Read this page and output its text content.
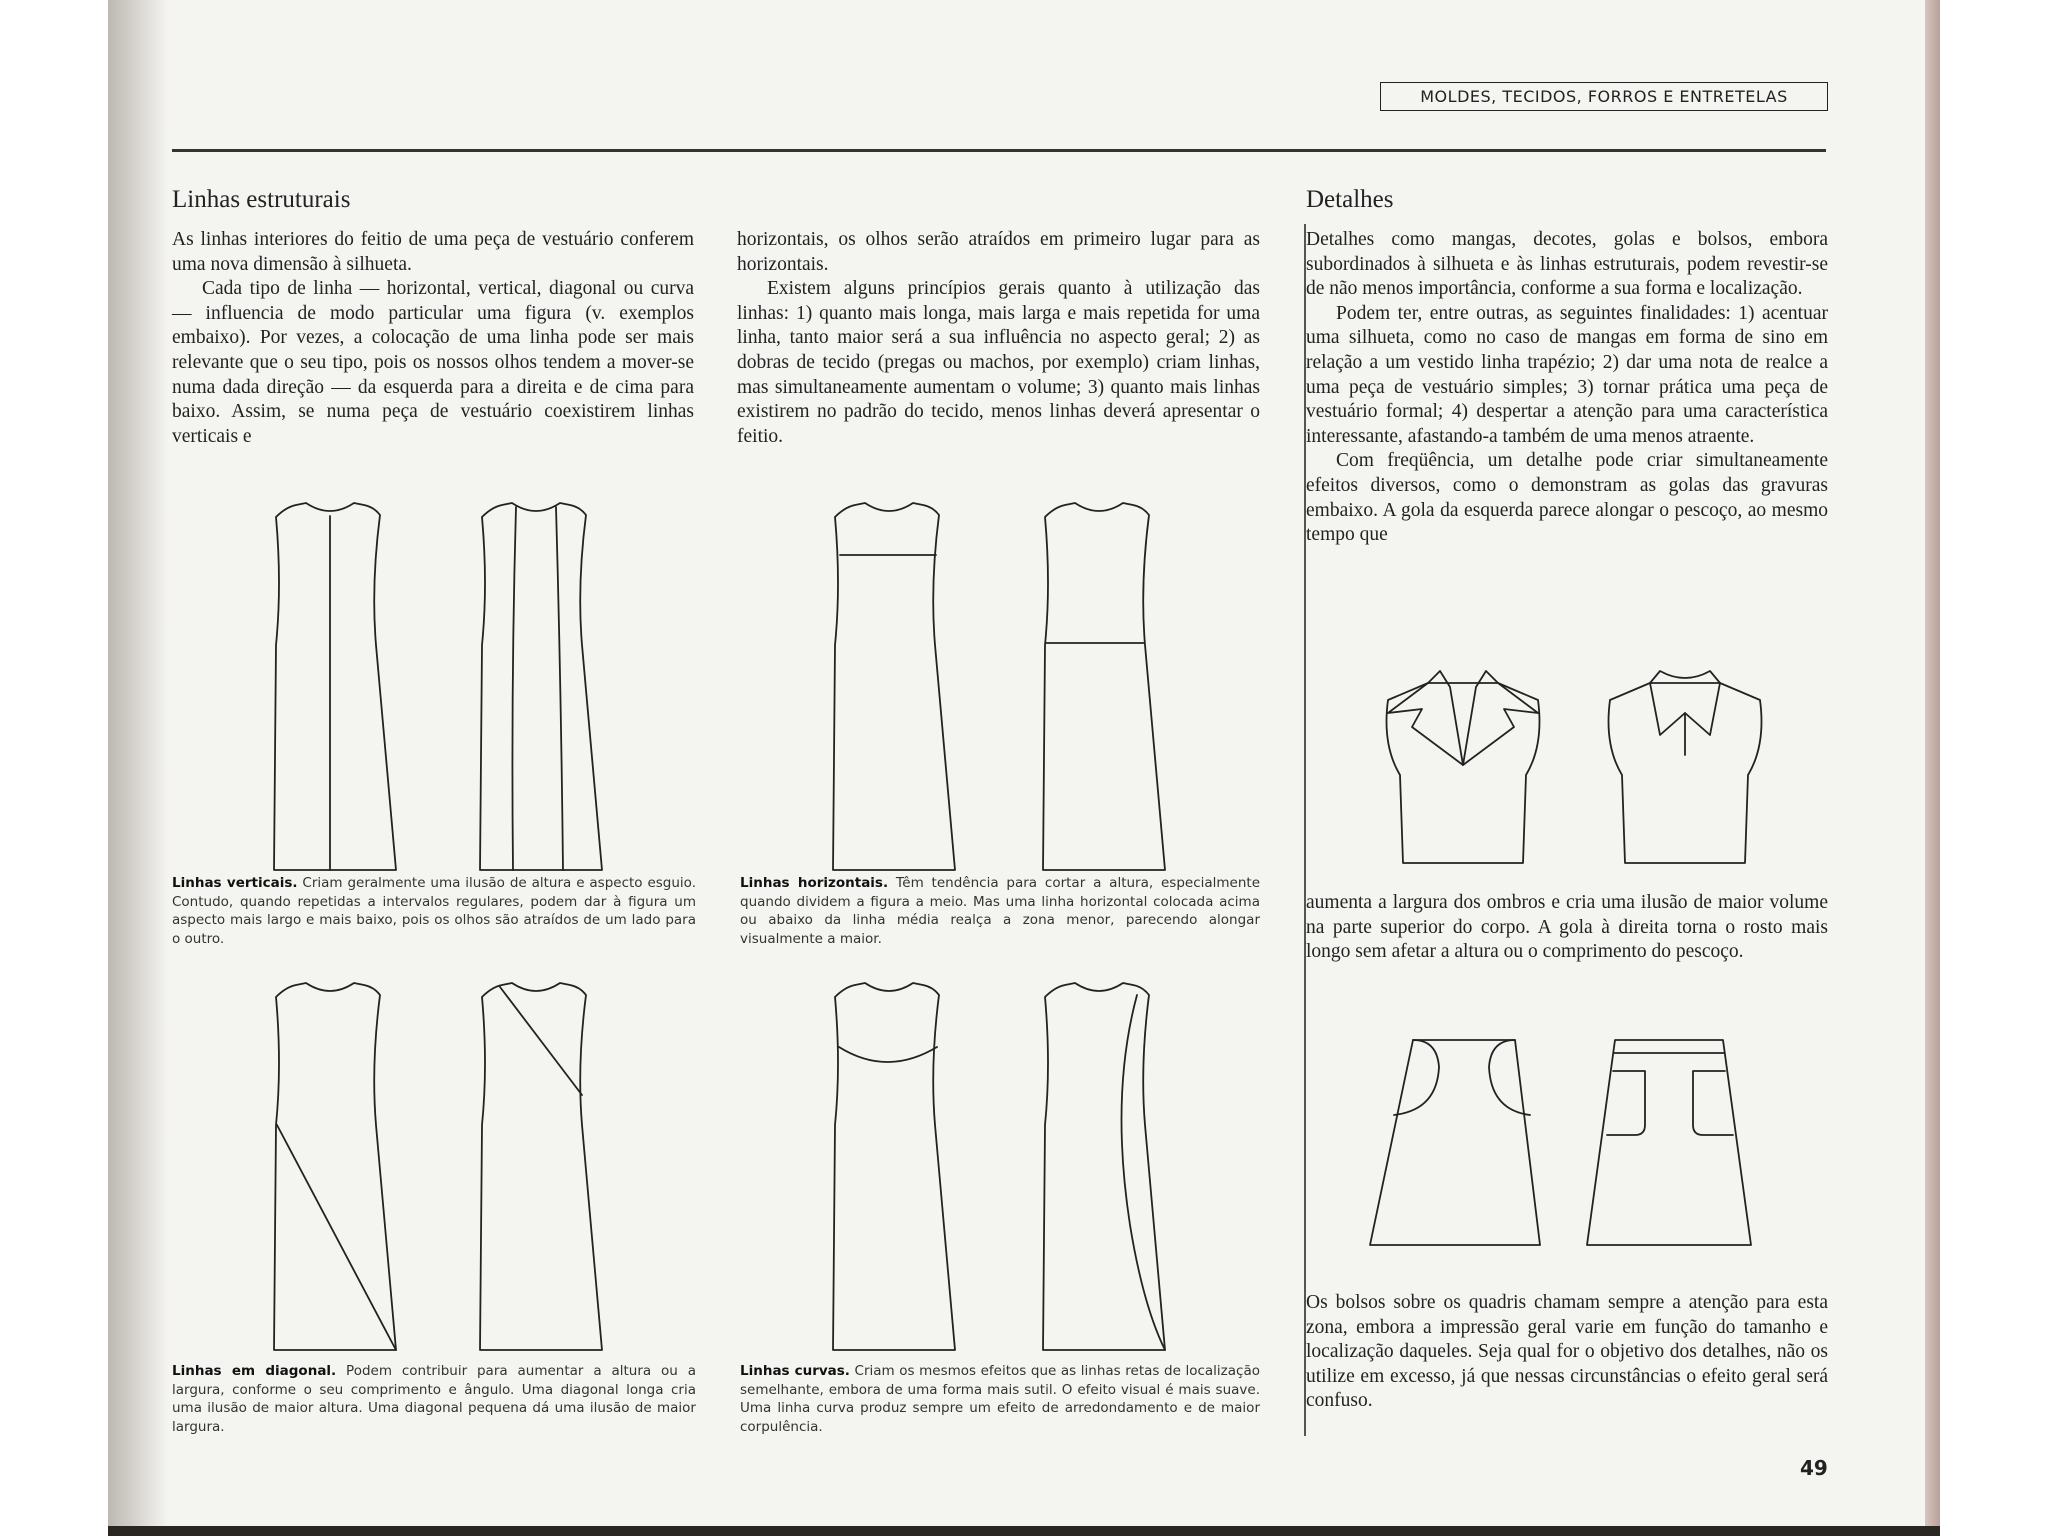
MOLDES, TECIDOS, FORROS E ENTRETELAS
Linhas estruturais

As linhas interiores do feitio de uma peça de vestuário conferem uma nova dimensão à silhueta.

Cada tipo de linha — horizontal, vertical, diagonal ou curva — influencia de modo particular uma figura (v. exemplos embaixo). Por vezes, a colocação de uma linha pode ser mais relevante que o seu tipo, pois os nossos olhos tendem a mover-se numa dada direção — da esquerda para a direita e de cima para baixo. Assim, se numa peça de vestuário coexistirem linhas verticais e

horizontais, os olhos serão atraídos em primeiro lugar para as horizontais.

Existem alguns princípios gerais quanto à utilização das linhas: 1) quanto mais longa, mais larga e mais repetida for uma linha, tanto maior será a sua influência no aspecto geral; 2) as dobras de tecido (pregas ou machos, por exemplo) criam linhas, mas simultaneamente aumentam o volume; 3) quanto mais linhas existirem no padrão do tecido, menos linhas deverá apresentar o feitio.

Linhas verticais. Criam geralmente uma ilusão de altura e aspecto esguio. Contudo, quando repetidas a intervalos regulares, podem dar à figura um aspecto mais largo e mais baixo, pois os olhos são atraídos de um lado para o outro.
Linhas horizontais. Têm tendência para cortar a altura, especialmente quando dividem a figura a meio. Mas uma linha horizontal colocada acima ou abaixo da linha média realça a zona menor, parecendo alongar visualmente a maior.
Linhas em diagonal. Podem contribuir para aumentar a altura ou a largura, conforme o seu comprimento e ângulo. Uma diagonal longa cria uma ilusão de maior altura. Uma diagonal pequena dá uma ilusão de maior largura.
Linhas curvas. Criam os mesmos efeitos que as linhas retas de localização semelhante, embora de uma forma mais sutil. O efeito visual é mais suave. Uma linha curva produz sempre um efeito de arredondamento e de maior corpulência.
Detalhes

Detalhes como mangas, decotes, golas e bolsos, embora subordinados à silhueta e às linhas estruturais, podem revestir-se de não menos importância, conforme a sua forma e localização.

Podem ter, entre outras, as seguintes finalidades: 1) acentuar uma silhueta, como no caso de mangas em forma de sino em relação a um vestido linha trapézio; 2) dar uma nota de realce a uma peça de vestuário simples; 3) tornar prática uma peça de vestuário formal; 4) despertar a atenção para uma característica interessante, afastando-a também de uma menos atraente.

Com freqüência, um detalhe pode criar simultaneamente efeitos diversos, como o demonstram as golas das gravuras embaixo. A gola da esquerda parece alongar o pescoço, ao mesmo tempo que

aumenta a largura dos ombros e cria uma ilusão de maior volume na parte superior do corpo. A gola à direita torna o rosto mais longo sem afetar a altura ou o comprimento do pescoço.

Os bolsos sobre os quadris chamam sempre a atenção para esta zona, embora a impressão geral varie em função do tamanho e localização daqueles. Seja qual for o objetivo dos detalhes, não os utilize em excesso, já que nessas circunstâncias o efeito geral será confuso.

49
